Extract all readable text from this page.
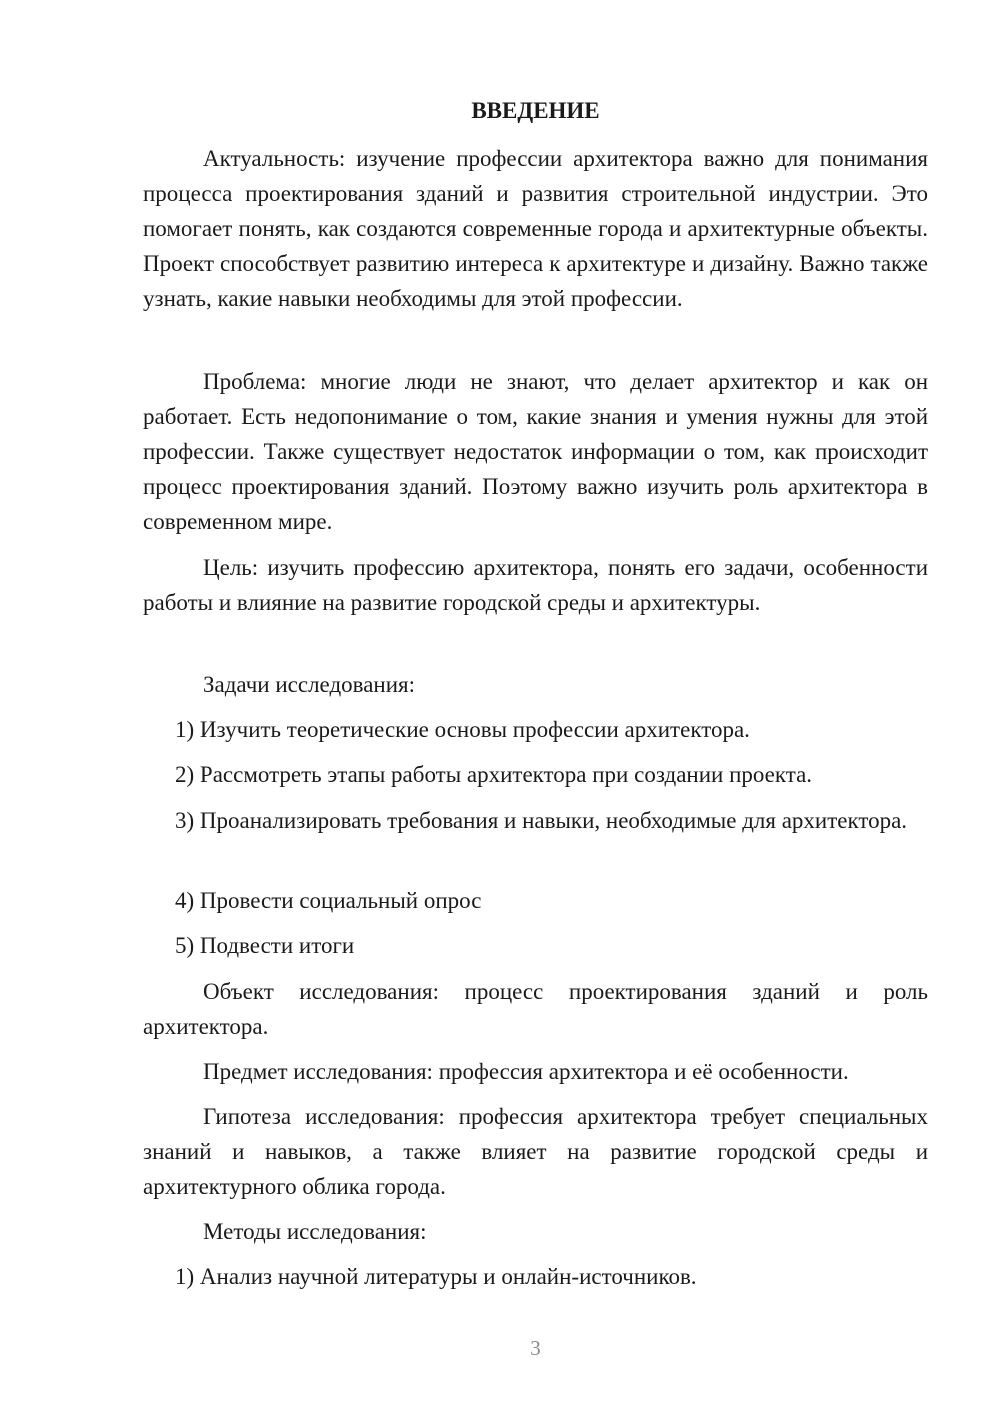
ВВЕДЕНИЕ

Актуальность: изучение профессии архитектора важно для понимания процесса проектирования зданий и развития строительной индустрии. Это помогает понять, как создаются современные города и архитектурные объекты. Проект способствует развитию интереса к архитектуре и дизайну. Важно также узнать, какие навыки необходимы для этой профессии.

Проблема: многие люди не знают, что делает архитектор и как он работает. Есть недопонимание о том, какие знания и умения нужны для этой профессии. Также существует недостаток информации о том, как происходит процесс проектирования зданий. Поэтому важно изучить роль архитектора в современном мире.

Цель: изучить профессию архитектора, понять его задачи, особенности работы и влияние на развитие городской среды и архитектуры.

Задачи исследования:

1) Изучить теоретические основы профессии архитектора.

2) Рассмотреть этапы работы архитектора при создании проекта.

3) Проанализировать требования и навыки, необходимые для архитектора.

4) Провести социальный опрос

5) Подвести итоги

Объект исследования: процесс проектирования зданий и роль архитектора.

Предмет исследования: профессия архитектора и её особенности.

Гипотеза исследования: профессия архитектора требует специальных знаний и навыков, а также влияет на развитие городской среды и архитектурного облика города.

Методы исследования:

1) Анализ научной литературы и онлайн-источников.

3
